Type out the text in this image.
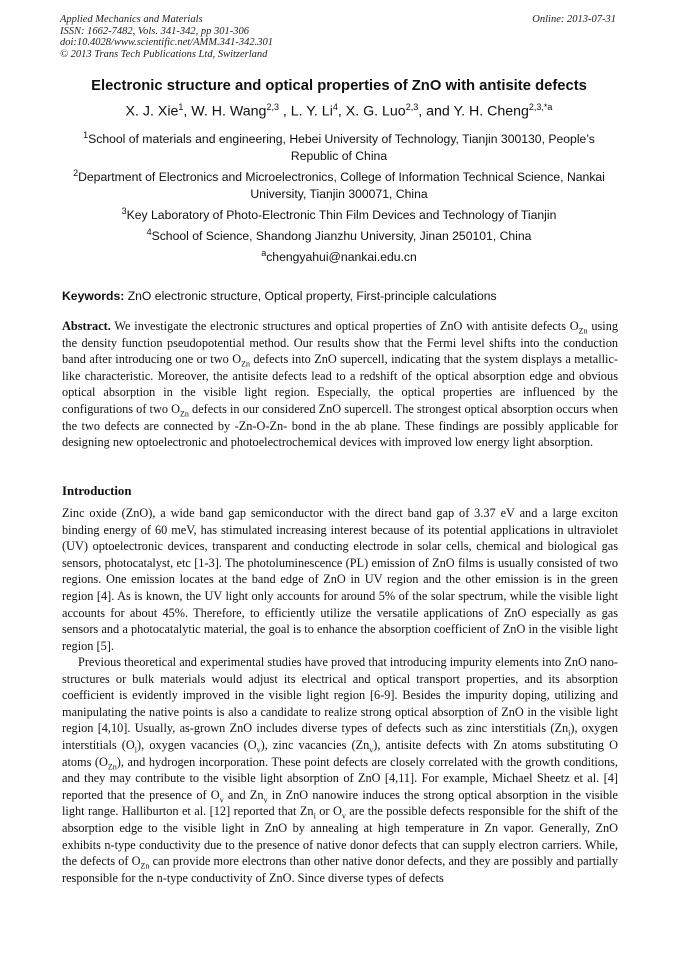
Applied Mechanics and Materials
ISSN: 1662-7482, Vols. 341-342, pp 301-306
doi:10.4028/www.scientific.net/AMM.341-342.301
© 2013 Trans Tech Publications Ltd, Switzerland
Online: 2013-07-31
Electronic structure and optical properties of ZnO with antisite defects
X. J. Xie$^1$, W. H. Wang$^{2,3}$ , L. Y. Li$^4$, X. G. Luo$^{2,3}$, and Y. H. Cheng$^{2,3,*a}$
$^1$School of materials and engineering, Hebei University of Technology, Tianjin 300130, People’s
Republic of China
$^2$Department of Electronics and Microelectronics, College of Information Technical Science, Nankai
University, Tianjin 300071, China
$^3$Key Laboratory of Photo-Electronic Thin Film Devices and Technology of Tianjin
$^4$School of Science, Shandong Jianzhu University, Jinan 250101, China
$^a$chengyahui@nankai.edu.cn
Keywords: ZnO electronic structure, Optical property, First-principle calculations
Abstract. We investigate the electronic structures and optical properties of ZnO with antisite defects $O_{Zn}$ using the density function pseudopotential method. Our results show that the Fermi level shifts into the conduction band after introducing one or two $O_{Zn}$ defects into ZnO supercell, indicating that the system displays a metallic-like characteristic. Moreover, the antisite defects lead to a redshift of the optical absorption edge and obvious optical absorption in the visible light region. Especially, the optical properties are influenced by the configurations of two $O_{Zn}$ defects in our considered ZnO supercell. The strongest optical absorption occurs when the two defects are connected by -Zn-O-Zn- bond in the ab plane. These findings are possibly applicable for designing new optoelectronic and photoelectrochemical devices with improved low energy light absorption.
Introduction
Zinc oxide (ZnO), a wide band gap semiconductor with the direct band gap of 3.37 eV and a large exciton binding energy of 60 meV, has stimulated increasing interest because of its potential applications in ultraviolet (UV) optoelectronic devices, transparent and conducting electrode in solar cells, chemical and biological gas sensors, photocatalyst, etc [1-3]. The photoluminescence (PL) emission of ZnO films is usually consisted of two regions. One emission locates at the band edge of ZnO in UV region and the other emission is in the green region [4]. As is known, the UV light only accounts for around 5% of the solar spectrum, while the visible light accounts for about 45%. Therefore, to efficiently utilize the versatile applications of ZnO especially as gas sensors and a photocatalytic material, the goal is to enhance the absorption coefficient of ZnO in the visible light region [5].
Previous theoretical and experimental studies have proved that introducing impurity elements into ZnO nano-structures or bulk materials would adjust its electrical and optical transport properties, and its absorption coefficient is evidently improved in the visible light region [6-9]. Besides the impurity doping, utilizing and manipulating the native points is also a candidate to realize strong optical absorption of ZnO in the visible light region [4,10]. Usually, as-grown ZnO includes diverse types of defects such as zinc interstitials $(Zn_i)$, oxygen interstitials $(O_i)$, oxygen vacancies $(O_v)$, zinc vacancies $(Zn_v)$, antisite defects with Zn atoms substituting O atoms $(O_{Zn})$, and hydrogen incorporation. These point defects are closely correlated with the growth conditions, and they may contribute to the visible light absorption of ZnO [4,11]. For example, Michael Sheetz et al. [4] reported that the presence of $O_v$ and $Zn_v$ in ZnO nanowire induces the strong optical absorption in the visible light range. Halliburton et al. [12] reported that $Zn_i$ or $O_v$ are the possible defects responsible for the shift of the absorption edge to the visible light in ZnO by annealing at high temperature in Zn vapor. Generally, ZnO exhibits n-type conductivity due to the presence of native donor defects that can supply electron carriers. While, the defects of $O_{Zn}$ can provide more electrons than other native donor defects, and they are possibly and partially responsible for the n-type conductivity of ZnO. Since diverse types of defects
